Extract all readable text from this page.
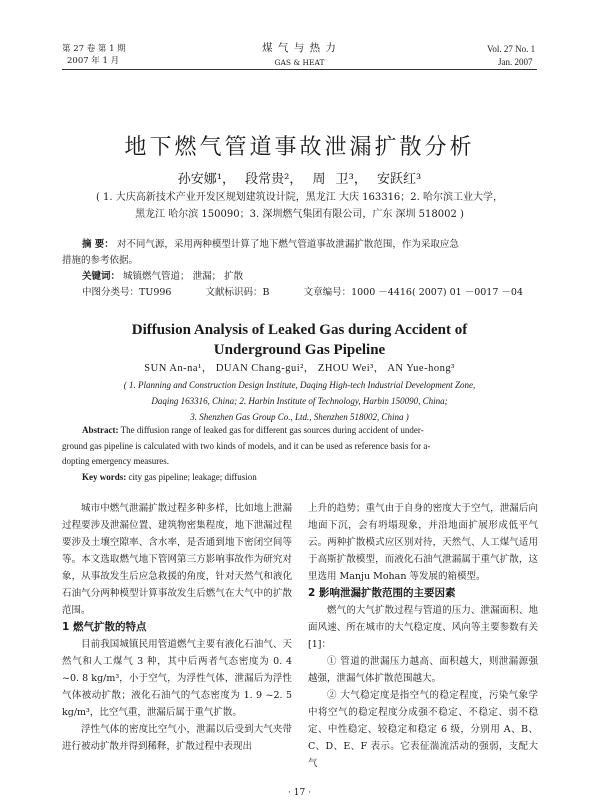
第 27 卷 第 1 期
2007 年 1 月
煤 气 与 热 力
GAS & HEAT
Vol. 27 No. 1
Jan. 2007
地下燃气管道事故泄漏扩散分析
孙安娜¹， 段常贵²， 周 卫³， 安跃红³
( 1. 大庆高新技术产业开发区规划建筑设计院，黑龙江 大庆 163316；2. 哈尔滨工业大学，
黑龙江 哈尔滨 150090；3. 深圳燃气集团有限公司，广东 深圳 518002 )
摘 要： 对不同气源，采用两种模型计算了地下燃气管道事故泄漏扩散范围，作为采取应急
措施的参考依据。
关键词： 城镇燃气管道； 泄漏； 扩散
中图分类号：TU996	文献标识码：B	文章编号：1000 －4416( 2007) 01 －0017 －04
Diffusion Analysis of Leaked Gas during Accident of
Underground Gas Pipeline
SUN An-na¹， DUAN Chang-gui²， ZHOU Wei³， AN Yue-hong³
( 1. Planning and Construction Design Institute, Daqing High-tech Industrial Development Zone,
Daqing 163316, China; 2. Harbin Institute of Technology, Harbin 150090, China;
3. Shenzhen Gas Group Co., Ltd., Shenzhen 518002, China )
Abstract: The diffusion range of leaked gas for different gas sources during accident of under-
ground gas pipeline is calculated with two kinds of models, and it can be used as reference basis for a-
dopting emergency measures.
Key words: city gas pipeline; leakage; diffusion

城市中燃气泄漏扩散过程多种多样，比如地上泄漏过程要涉及泄漏位置、建筑物密集程度，地下泄漏过程要涉及土壤空隙率、含水率，是否通到地下密闭空间等等。本文选取燃气地下管网第三方影响事故作为研究对象，从事故发生后应急救援的角度，针对天然气和液化石油气分两种模型计算事故发生后燃气在大气中的扩散范围。

1 燃气扩散的特点

目前我国城镇民用管道燃气主要有液化石油气、天然气和人工煤气 3 种，其中后两者气态密度为 0. 4 ~0. 8 kg/m³，小于空气，为浮性气体，泄漏后为浮性气体被动扩散；液化石油气的气态密度为 1. 9 ~2. 5 kg/m³，比空气重，泄漏后属于重气扩散。

浮性气体的密度比空气小，泄漏以后受到大气夹带进行被动扩散并得到稀释，扩散过程中表现出

上升的趋势；重气由于自身的密度大于空气，泄漏后向地面下沉，会有坍塌现象，并沿地面扩展形成低平气云。两种扩散模式应区别对待，天然气、人工煤气适用于高斯扩散模型，而液化石油气泄漏属于重气扩散，这里选用 Manju Mohan 等发展的箱模型。

2 影响泄漏扩散范围的主要因素

燃气的大气扩散过程与管道的压力、泄漏面积、地面风速、所在城市的大气稳定度、风向等主要参数有关[1]：

① 管道的泄漏压力越高、面积越大，则泄漏源强越强，泄漏气体扩散范围越大。

② 大气稳定度是指空气的稳定程度，污染气象学中将空气的稳定程度分成强不稳定、不稳定、弱不稳定、中性稳定、较稳定和稳定 6 级，分别用 A、B、C、D、E、F 表示。它表征湍流活动的强弱，支配大气

· 17 ·
